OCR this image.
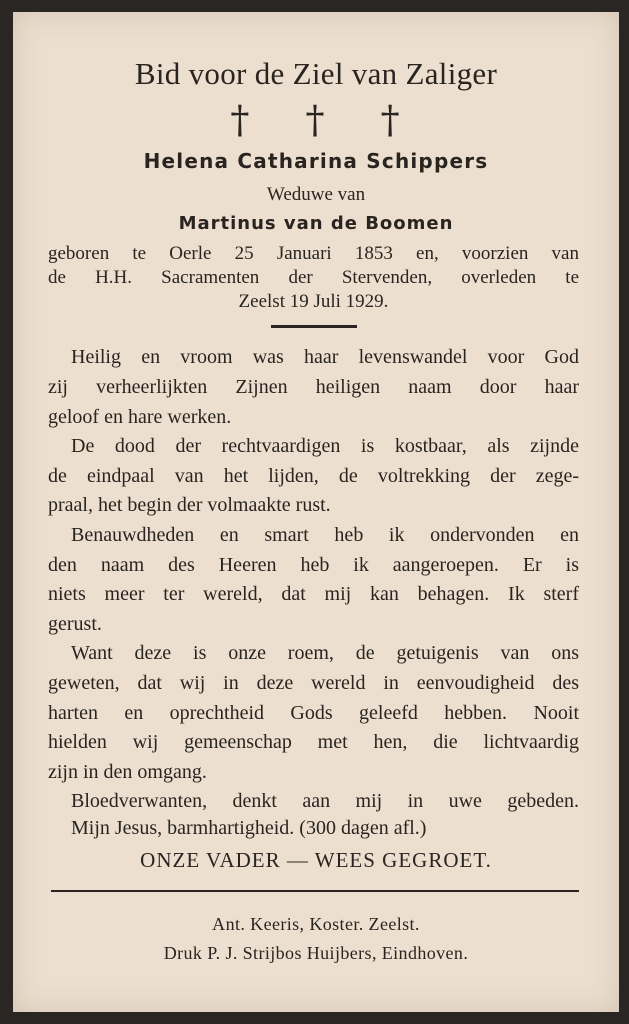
Bid voor de Ziel van Zaliger
† † †
Helena Catharina Schippers
Weduwe van
Martinus van de Boomen
geboren te Oerle 25 Januari 1853 en, voorzien van
de H.H. Sacramenten der Stervenden, overleden te
Zeelst 19 Juli 1929.
Heilig en vroom was haar levenswandel voor God
zij verheerlijkten Zijnen heiligen naam door haar
geloof en hare werken.
De dood der rechtvaardigen is kostbaar, als zijnde
de eindpaal van het lijden, de voltrekking der zege-
praal, het begin der volmaakte rust.
Benauwdheden en smart heb ik ondervonden en
den naam des Heeren heb ik aangeroepen. Er is
niets meer ter wereld, dat mij kan behagen. Ik sterf
gerust.
Want deze is onze roem, de getuigenis van ons
geweten, dat wij in deze wereld in eenvoudigheid des
harten en oprechtheid Gods geleefd hebben. Nooit
hielden wij gemeenschap met hen, die lichtvaardig
zijn in den omgang.
Bloedverwanten, denkt aan mij in uwe gebeden.
Mijn Jesus, barmhartigheid. (300 dagen afl.)
ONZE VADER — WEES GEGROET.
Ant. Keeris, Koster. Zeelst.
Druk P. J. Strijbos Huijbers, Eindhoven.
